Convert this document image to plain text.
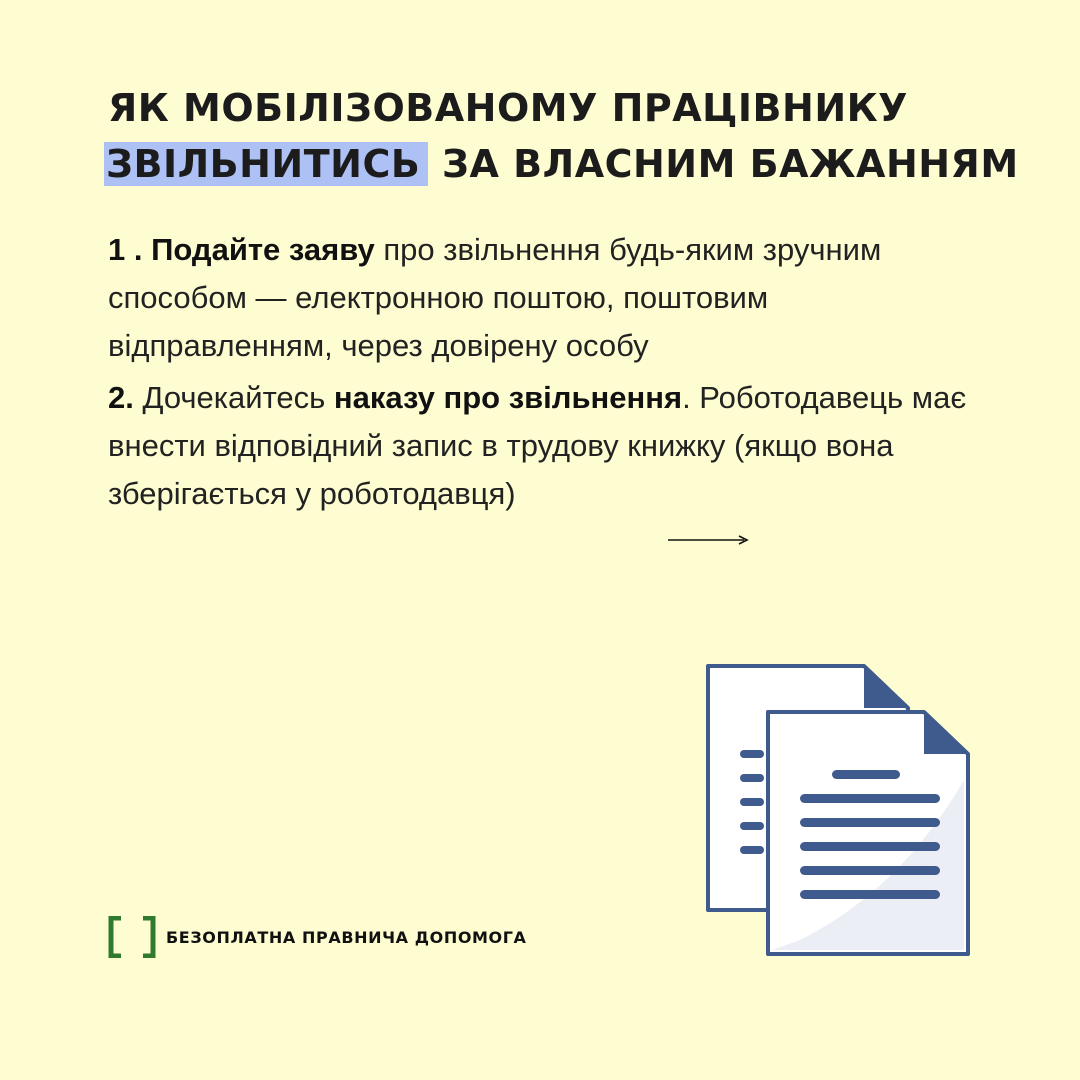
ЯК МОБІЛІЗОВАНОМУ ПРАЦІВНИКУ
ЗВІЛЬНИТИСЬ ЗА ВЛАСНИМ БАЖАННЯМ

1 . Подайте заяву про звільнення будь-яким зручним способом — електронною поштою, поштовим відправленням, через довірену особу

2. Дочекайтесь наказу про звільнення. Роботодавець має внести відповідний запис в трудову книжку (якщо вона зберігається у роботодавця)

БЕЗОПЛАТНА ПРАВНИЧА ДОПОМОГА
